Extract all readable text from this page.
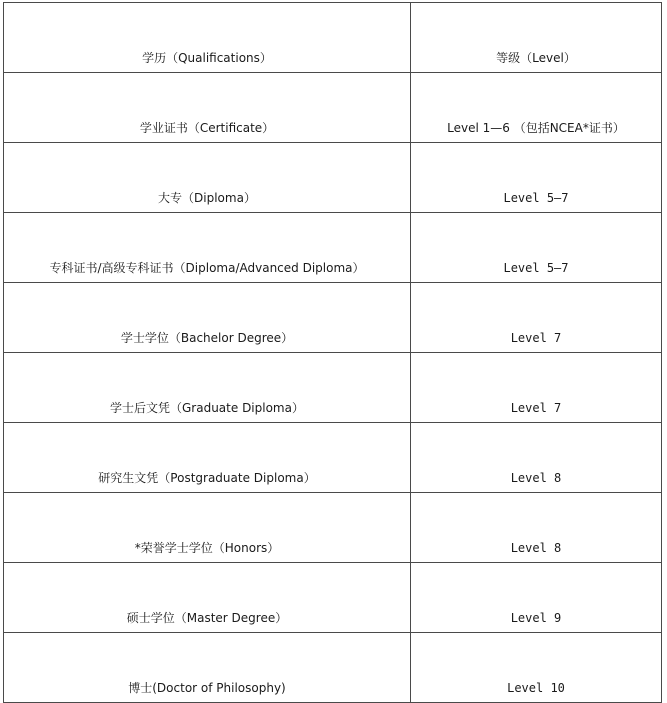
学历（Qualifications）	等级（Level）
学业证书（Certificate）	Level 1—6 （包括NCEA*证书）
大专（Diploma）	Level 5—7
专科证书/高级专科证书（Diploma/Advanced Diploma）	Level 5—7
学士学位（Bachelor Degree）	Level 7
学士后文凭（Graduate Diploma）	Level 7
研究生文凭（Postgraduate Diploma）	Level 8
*荣誉学士学位（Honors）	Level 8
硕士学位（Master Degree）	Level 9
博士(Doctor of Philosophy)	Level 10
